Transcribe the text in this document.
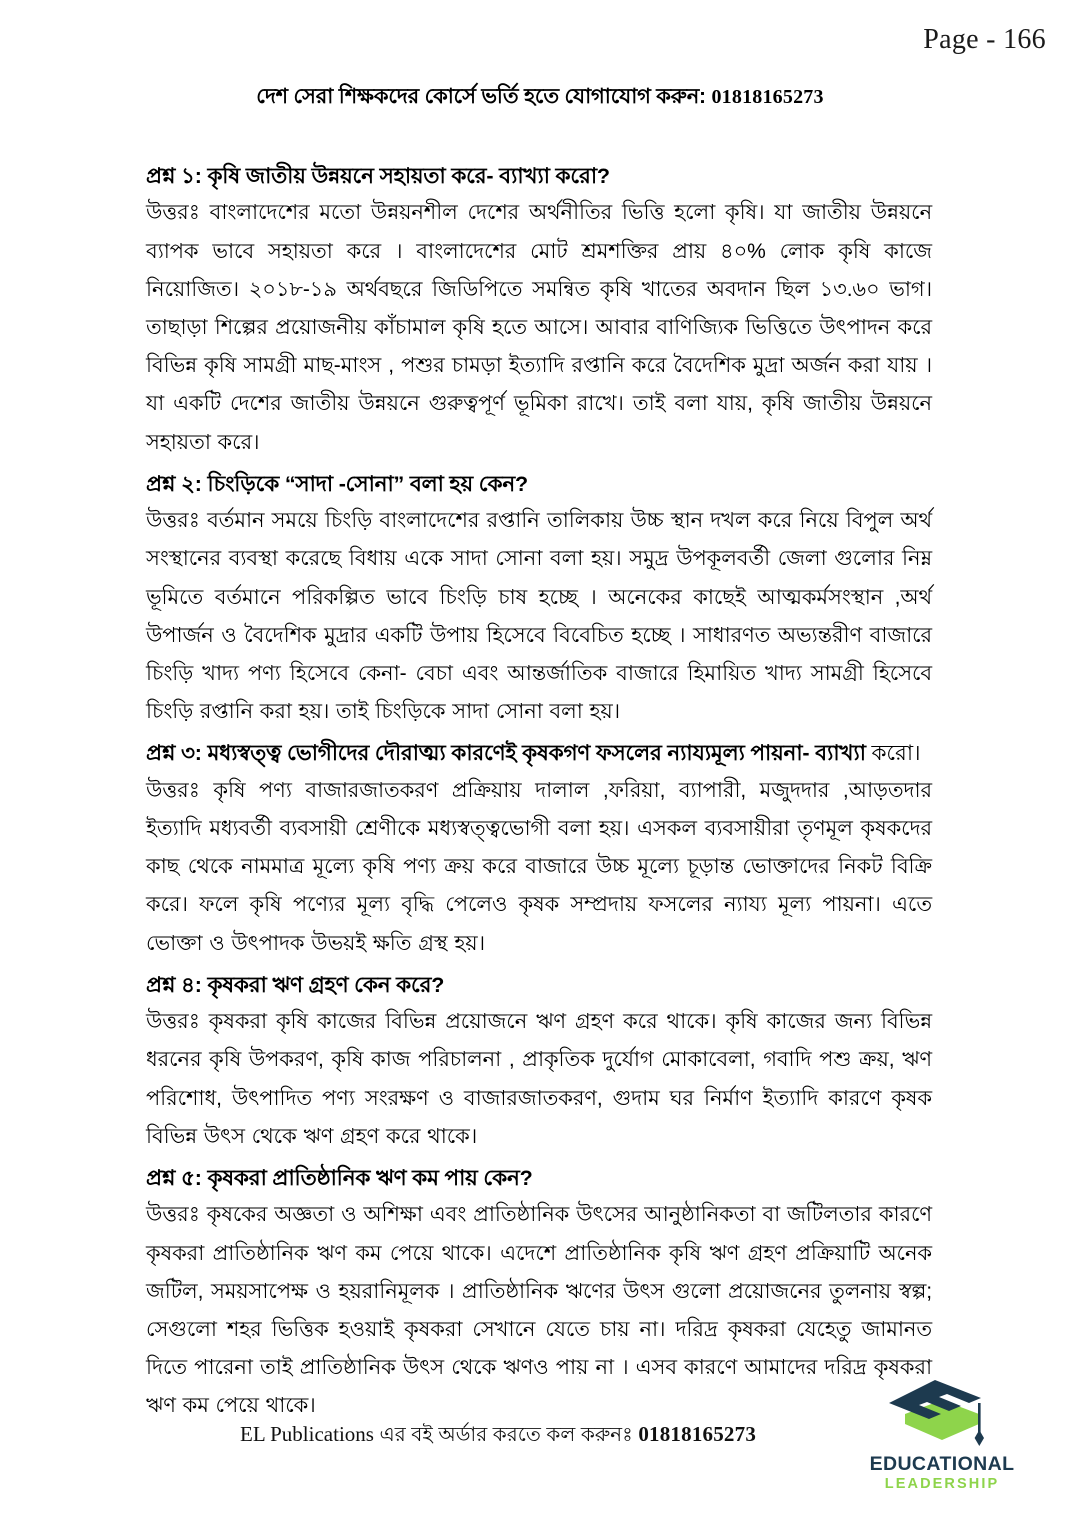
Page - 166
দেশ সেরা শিক্ষকদের কোর্সে ভর্তি হতে যোগাযোগ করুন: 01818165273

প্রশ্ন ১: কৃষি জাতীয় উন্নয়নে সহায়তা করে- ব্যাখ্যা করো?

উত্তরঃ বাংলাদেশের মতো উন্নয়নশীল দেশের অর্থনীতির ভিত্তি হলো কৃষি। যা জাতীয় উন্নয়নে ব্যাপক ভাবে সহায়তা করে । বাংলাদেশের মোট শ্রমশক্তির প্রায় ৪০% লোক কৃষি কাজে নিয়োজিত। ২০১৮-১৯ অর্থবছরে জিডিপিতে সমন্বিত কৃষি খাতের অবদান ছিল ১৩.৬০ ভাগ। তাছাড়া শিল্পের প্রয়োজনীয় কাঁচামাল কৃষি হতে আসে। আবার বাণিজ্যিক ভিত্তিতে উৎপাদন করে বিভিন্ন কৃষি সামগ্রী মাছ-মাংস , পশুর চামড়া ইত্যাদি রপ্তানি করে বৈদেশিক মুদ্রা অর্জন করা যায় । যা একটি দেশের জাতীয় উন্নয়নে গুরুত্বপূর্ণ ভূমিকা রাখে। তাই বলা যায়, কৃষি জাতীয় উন্নয়নে সহায়তা করে।

প্রশ্ন ২: চিংড়িকে “সাদা -সোনা” বলা হয় কেন?

উত্তরঃ বর্তমান সময়ে চিংড়ি বাংলাদেশের রপ্তানি তালিকায় উচ্চ স্থান দখল করে নিয়ে বিপুল অর্থ সংস্থানের ব্যবস্থা করেছে বিধায় একে সাদা সোনা বলা হয়। সমুদ্র উপকূলবর্তী জেলা গুলোর নিম্ন ভূমিতে বর্তমানে পরিকল্পিত ভাবে চিংড়ি চাষ হচ্ছে । অনেকের কাছেই আত্মকর্মসংস্থান ,অর্থ উপার্জন ও বৈদেশিক মুদ্রার একটি উপায় হিসেবে বিবেচিত হচ্ছে । সাধারণত অভ্যন্তরীণ বাজারে চিংড়ি খাদ্য পণ্য হিসেবে কেনা- বেচা এবং আন্তর্জাতিক বাজারে হিমায়িত খাদ্য সামগ্রী হিসেবে চিংড়ি রপ্তানি করা হয়। তাই চিংড়িকে সাদা সোনা বলা হয়।

প্রশ্ন ৩: মধ্যস্বত্ত্ব ভোগীদের দৌরাত্ম্য কারণেই কৃষকগণ ফসলের ন্যায্যমূল্য পায়না- ব্যাখ্যা করো।

উত্তরঃ কৃষি পণ্য বাজারজাতকরণ প্রক্রিয়ায় দালাল ,ফরিয়া, ব্যাপারী, মজুদদার ,আড়তদার ইত্যাদি মধ্যবর্তী ব্যবসায়ী শ্রেণীকে মধ্যস্বত্ত্বভোগী বলা হয়। এসকল ব্যবসায়ীরা তৃণমূল কৃষকদের কাছ থেকে নামমাত্র মূল্যে কৃষি পণ্য ক্রয় করে বাজারে উচ্চ মূল্যে চূড়ান্ত ভোক্তাদের নিকট বিক্রি করে। ফলে কৃষি পণ্যের মূল্য বৃদ্ধি পেলেও কৃষক সম্প্রদায় ফসলের ন্যায্য মূল্য পায়না। এতে ভোক্তা ও উৎপাদক উভয়ই ক্ষতি গ্রস্থ হয়।

প্রশ্ন ৪: কৃষকরা ঋণ গ্রহণ কেন করে?

উত্তরঃ কৃষকরা কৃষি কাজের বিভিন্ন প্রয়োজনে ঋণ গ্রহণ করে থাকে। কৃষি কাজের জন্য বিভিন্ন ধরনের কৃষি উপকরণ, কৃষি কাজ পরিচালনা , প্রাকৃতিক দুর্যোগ মোকাবেলা, গবাদি পশু ক্রয়, ঋণ পরিশোধ, উৎপাদিত পণ্য সংরক্ষণ ও বাজারজাতকরণ, গুদাম ঘর নির্মাণ ইত্যাদি কারণে কৃষক বিভিন্ন উৎস থেকে ঋণ গ্রহণ করে থাকে।

প্রশ্ন ৫: কৃষকরা প্রাতিষ্ঠানিক ঋণ কম পায় কেন?

উত্তরঃ কৃষকের অজ্ঞতা ও অশিক্ষা এবং প্রাতিষ্ঠানিক উৎসের আনুষ্ঠানিকতা বা জটিলতার কারণে কৃষকরা প্রাতিষ্ঠানিক ঋণ কম পেয়ে থাকে। এদেশে প্রাতিষ্ঠানিক কৃষি ঋণ গ্রহণ প্রক্রিয়াটি অনেক জটিল, সময়সাপেক্ষ ও হয়রানিমূলক । প্রাতিষ্ঠানিক ঋণের উৎস গুলো প্রয়োজনের তুলনায় স্বল্প; সেগুলো শহর ভিত্তিক হওয়াই কৃষকরা সেখানে যেতে চায় না। দরিদ্র কৃষকরা যেহেতু জামানত দিতে পারেনা তাই প্রাতিষ্ঠানিক উৎস থেকে ঋণও পায় না । এসব কারণে আমাদের দরিদ্র কৃষকরা ঋণ কম পেয়ে থাকে।

EL Publications এর বই অর্ডার করতে কল করুনঃ 01818165273
EDUCATIONAL
LEADERSHIP
